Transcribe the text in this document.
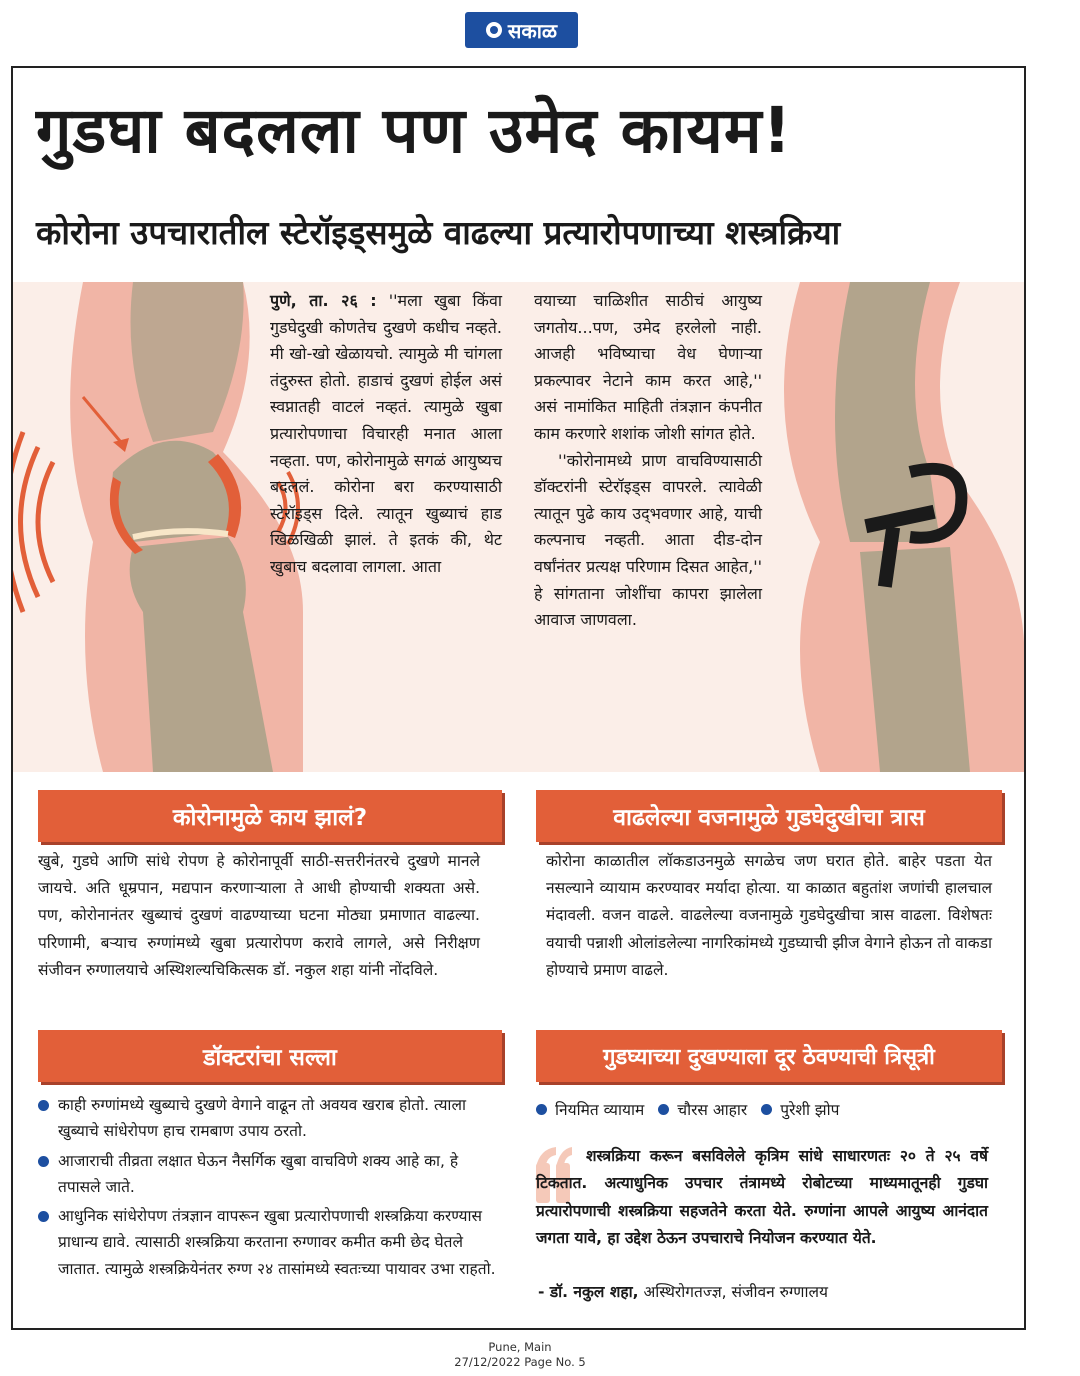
सकाळ
गुडघा बदलला पण उमेद कायम!
कोरोना उपचारातील स्टेरॉइड्समुळे वाढल्या प्रत्यारोपणाच्या शस्त्रक्रिया

पुणे, ता. २६ : ''मला खुबा किंवा गुडघेदुखी कोणतेच दुखणे कधीच नव्हते. मी खो-खो खेळायचो. त्यामुळे मी चांगला तंदुरुस्त होतो. हाडाचं दुखणं होईल असं स्वप्नातही वाटलं नव्हतं. त्यामुळे खुबा प्रत्यारोपणाचा विचारही मनात आला नव्हता. पण, कोरोनामुळे सगळं आयुष्यच बदललं. कोरोना बरा करण्यासाठी स्टेरॉइड्स दिले. त्यातून खुब्याचं हाड खिळखिळी झालं. ते इतकं की, थेट खुबाच बदलावा लागला. आता

वयाच्या चाळिशीत साठीचं आयुष्य जगतोय...पण, उमेद हरलेलो नाही. आजही भविष्याचा वेध घेणाऱ्या प्रकल्पावर नेटाने काम करत आहे,'' असं नामांकित माहिती तंत्रज्ञान कंपनीत काम करणारे शशांक जोशी सांगत होते.

''कोरोनामध्ये प्राण वाचविण्यासाठी डॉक्टरांनी स्टेरॉइड्स वापरले. त्यावेळी त्यातून पुढे काय उद्‌भवणार आहे, याची कल्पनाच नव्हती. आता दीड-दोन वर्षांनंतर प्रत्यक्ष परिणाम दिसत आहेत,'' हे सांगताना जोशींचा कापरा झालेला आवाज जाणवला.

कोरोनामुळे काय झालं?
खुबे, गुडघे आणि सांधे रोपण हे कोरोनापूर्वी साठी-सत्तरीनंतरचे दुखणे मानले जायचे. अति धूम्रपान, मद्यपान करणाऱ्याला ते आधी होण्याची शक्यता असे. पण, कोरोनानंतर खुब्याचं दुखणं वाढण्याच्या घटना मोठ्या प्रमाणात वाढल्या. परिणामी, बऱ्याच रुग्णांमध्ये खुबा प्रत्यारोपण करावे लागले, असे निरीक्षण संजीवन रुग्णालयाचे अस्थिशल्यचिकित्सक डॉ. नकुल शहा यांनी नोंदविले.
वाढलेल्या वजनामुळे गुडघेदुखीचा त्रास
कोरोना काळातील लॉकडाउनमुळे सगळेच जण घरात होते. बाहेर पडता येत नसल्याने व्यायाम करण्यावर मर्यादा होत्या. या काळात बहुतांश जणांची हालचाल मंदावली. वजन वाढले. वाढलेल्या वजनामुळे गुडघेदुखीचा त्रास वाढला. विशेषतः वयाची पन्नाशी ओलांडलेल्या नागरिकांमध्ये गुडघ्याची झीज वेगाने होऊन तो वाकडा होण्याचे प्रमाण वाढले.
डॉक्टरांचा सल्ला
काही रुग्णांमध्ये खुब्याचे दुखणे वेगाने वाढून तो अवयव खराब होतो. त्याला खुब्याचे सांधेरोपण हाच रामबाण उपाय ठरतो.
आजाराची तीव्रता लक्षात घेऊन नैसर्गिक खुबा वाचविणे शक्य आहे का, हे तपासले जाते.
आधुनिक सांधेरोपण तंत्रज्ञान वापरून खुबा प्रत्यारोपणाची शस्त्रक्रिया करण्यास प्राधान्य द्यावे. त्यासाठी शस्त्रक्रिया करताना रुग्णावर कमीत कमी छेद घेतले जातात. त्यामुळे शस्त्रक्रियेनंतर रुग्ण २४ तासांमध्ये स्वतःच्या पायावर उभा राहतो.
गुडघ्याच्या दुखण्याला दूर ठेवण्याची त्रिसूत्री
नियमित व्यायाम चौरस आहार पुरेशी झोप
शस्त्रक्रिया करून बसविलेले कृत्रिम सांधे साधारणतः २० ते २५ वर्षे टिकतात. अत्याधुनिक उपचार तंत्रामध्ये रोबोटच्या माध्यमातूनही गुडघा प्रत्यारोपणाची शस्त्रक्रिया सहजतेने करता येते. रुग्णांना आपले आयुष्य आनंदात जगता यावे, हा उद्देश ठेऊन उपचाराचे नियोजन करण्यात येते.
- डॉ. नकुल शहा, अस्थिरोगतज्ज्ञ, संजीवन रुग्णालय
Pune, Main
27/12/2022 Page No. 5
